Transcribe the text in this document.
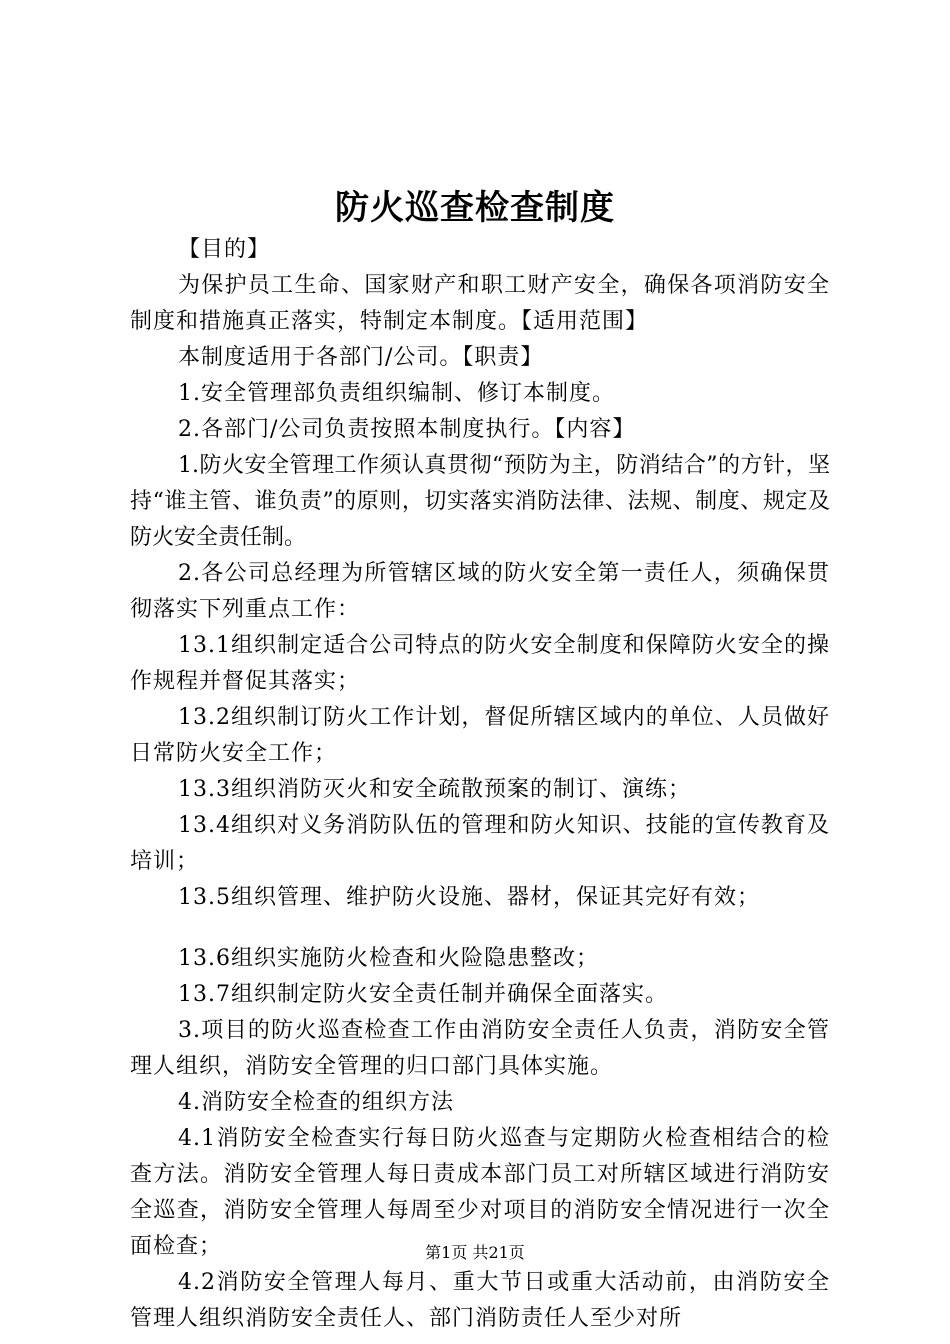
防火巡查检查制度

【目的】

为保护员工生命、国家财产和职工财产安全，确保各项消防安全制度和措施真正落实，特制定本制度。【适用范围】

本制度适用于各部门/公司。【职责】

1.安全管理部负责组织编制、修订本制度。

2.各部门/公司负责按照本制度执行。【内容】

1.防火安全管理工作须认真贯彻“预防为主，防消结合”的方针，坚持“谁主管、谁负责”的原则，切实落实消防法律、法规、制度、规定及防火安全责任制。

2.各公司总经理为所管辖区域的防火安全第一责任人，须确保贯彻落实下列重点工作：

13.1组织制定适合公司特点的防火安全制度和保障防火安全的操作规程并督促其落实；

13.2组织制订防火工作计划，督促所辖区域内的单位、人员做好日常防火安全工作；

13.3组织消防灭火和安全疏散预案的制订、演练；

13.4组织对义务消防队伍的管理和防火知识、技能的宣传教育及培训；

13.5组织管理、维护防火设施、器材，保证其完好有效；

13.6组织实施防火检查和火险隐患整改；

13.7组织制定防火安全责任制并确保全面落实。

3.项目的防火巡查检查工作由消防安全责任人负责，消防安全管理人组织，消防安全管理的归口部门具体实施。

4.消防安全检查的组织方法

4.1消防安全检查实行每日防火巡查与定期防火检查相结合的检查方法。消防安全管理人每日责成本部门员工对所辖区域进行消防安全巡查，消防安全管理人每周至少对项目的消防安全情况进行一次全面检查；

4.2消防安全管理人每月、重大节日或重大活动前，由消防安全管理人组织消防安全责任人、部门消防责任人至少对所

第1页 共21页
